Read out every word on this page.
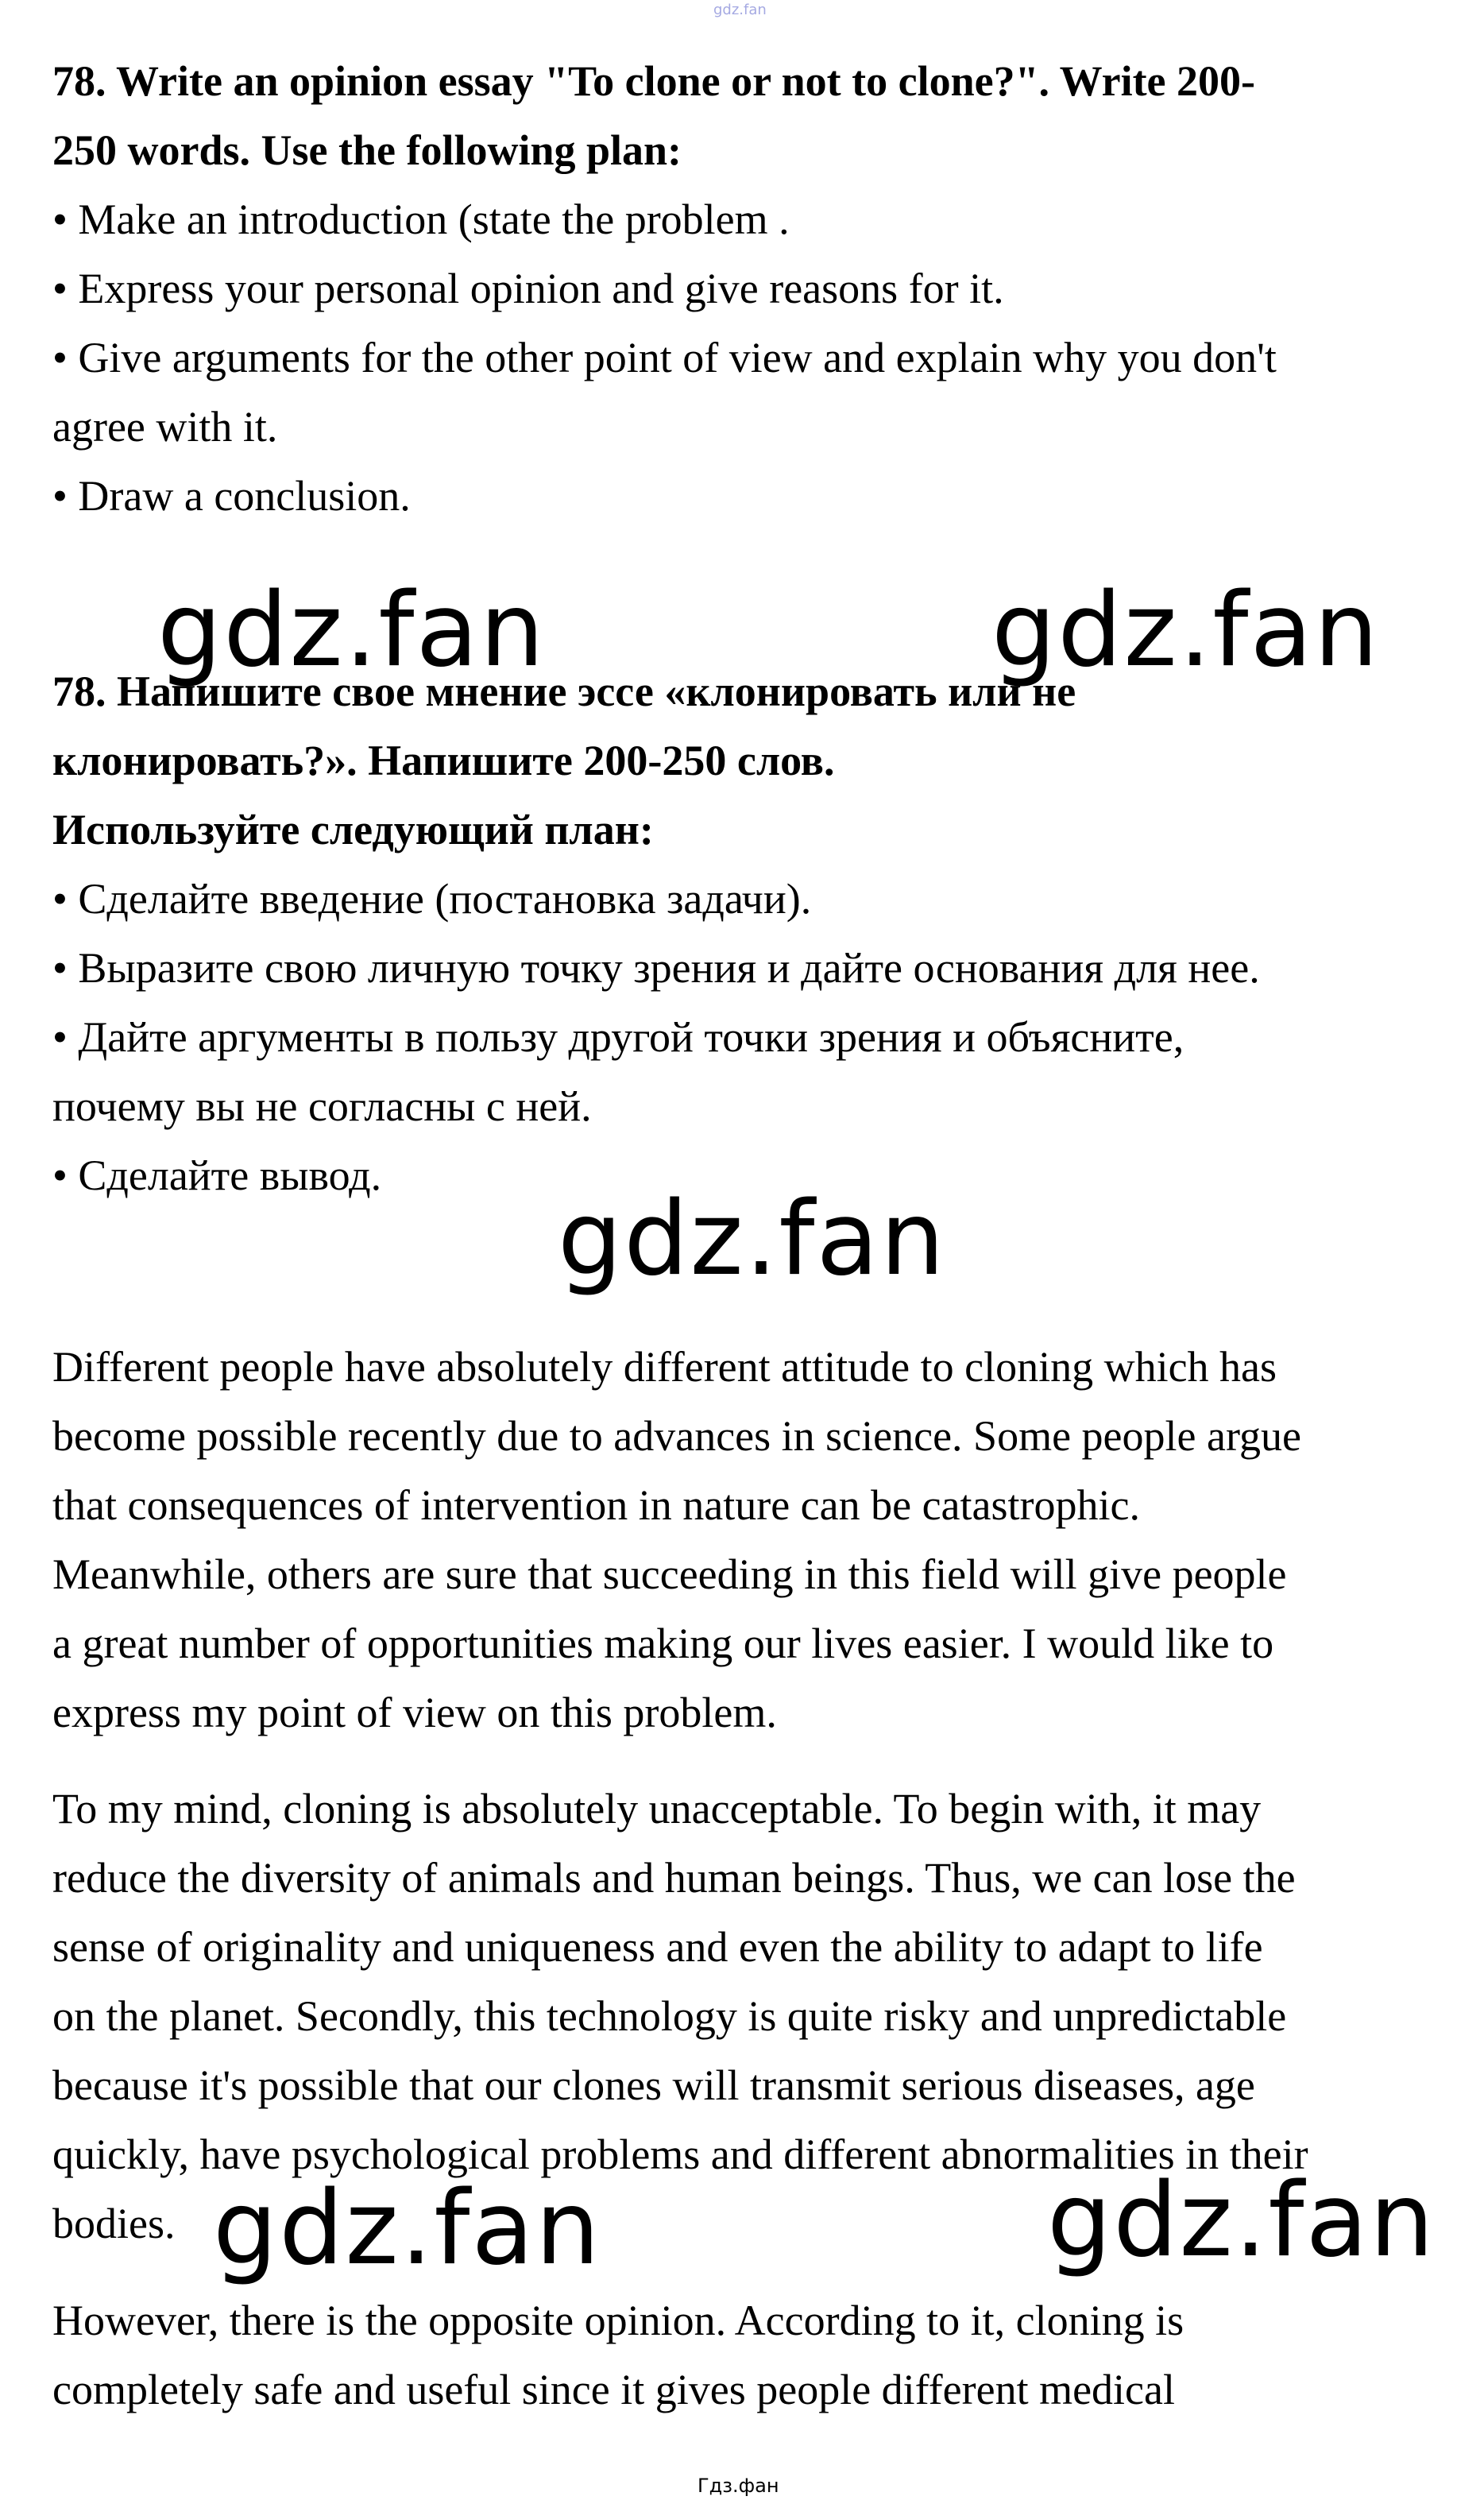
gdz.fan
78. Write an opinion essay "To clone or not to clone?". Write 200-
250 words. Use the following plan:
• Make an introduction (state the problem .
• Express your personal opinion and give reasons for it.
• Give arguments for the other point of view and explain why you don't
agree with it.
• Draw a conclusion.
78. Напишите свое мнение эссе «клонировать или не
клонировать?». Напишите 200-250 слов.
Используйте следующий план:
• Сделайте введение (постановка задачи).
• Выразите свою личную точку зрения и дайте основания для нее.
• Дайте аргументы в пользу другой точки зрения и объясните,
почему вы не согласны с ней.
• Сделайте вывод.
Different people have absolutely different attitude to cloning which has
become possible recently due to advances in science. Some people argue
that consequences of intervention in nature can be catastrophic.
Meanwhile, others are sure that succeeding in this field will give people
a great number of opportunities making our lives easier. I would like to
express my point of view on this problem.
To my mind, cloning is absolutely unacceptable. To begin with, it may
reduce the diversity of animals and human beings. Thus, we can lose the
sense of originality and uniqueness and even the ability to adapt to life
on the planet. Secondly, this technology is quite risky and unpredictable
because it's possible that our clones will transmit serious diseases, age
quickly, have psychological problems and different abnormalities in their
bodies.
However, there is the opposite opinion. According to it, cloning is
completely safe and useful since it gives people different medical
gdz.fan	gdz.fan
gdz.fan
gdz.fan	gdz.fan
Гдз.фан
